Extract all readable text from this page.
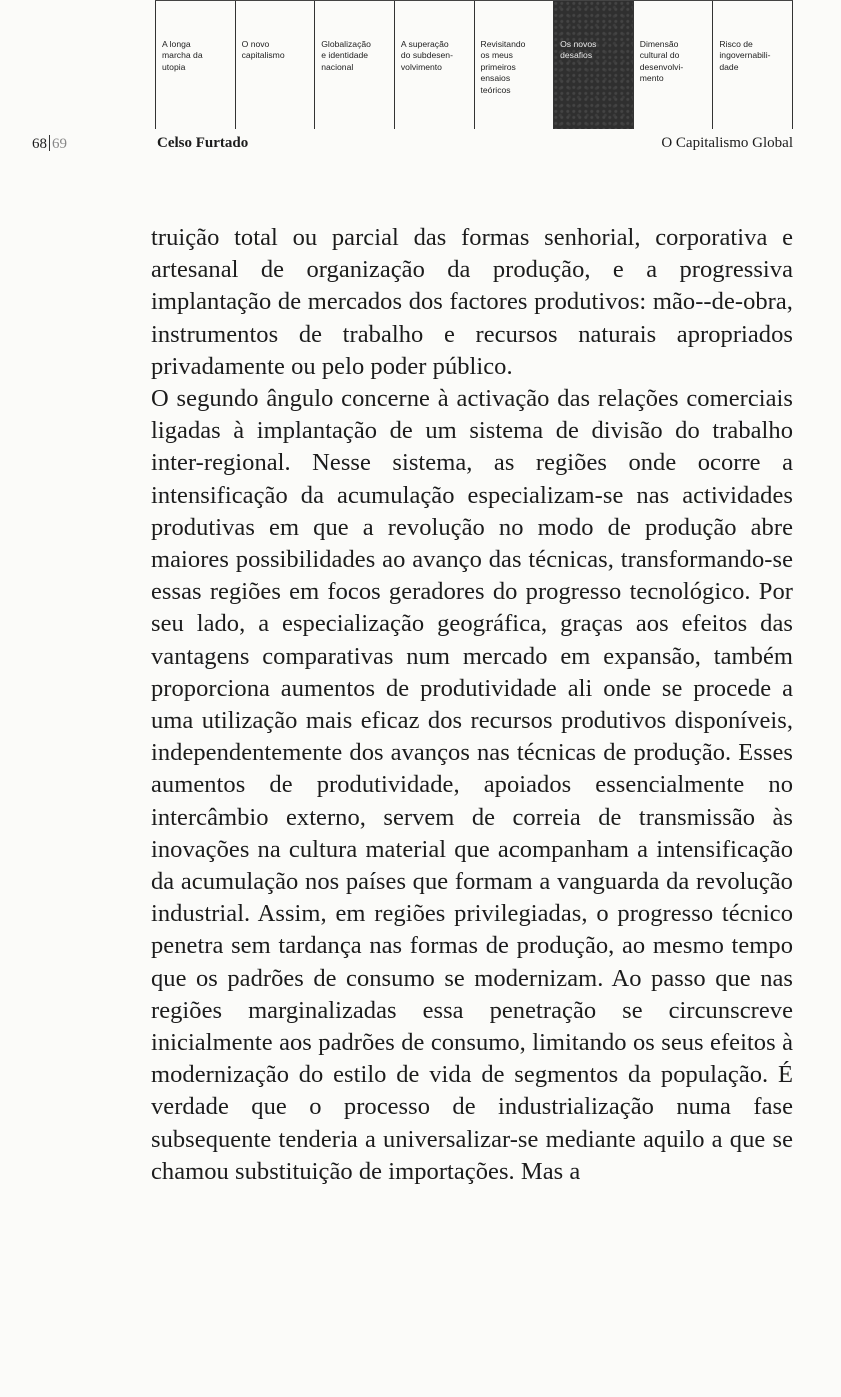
A longa
marcha da
utopia
O novo
capitalismo
Globalização
e identidade
nacional
A superação
do subdesen-
volvimento
Revisitando
os meus
primeiros
ensaios
teóricos
Os novos
desafios
Dimensão
cultural do
desenvolvi-
mento
Risco de
ingovernabili-
dade
68 69	Celso Furtado	O Capitalismo Global

truição total ou parcial das formas senhorial, corporativa e artesanal de organização da produção, e a progressiva implantação de mercados dos factores produtivos: mão--de-obra, instrumentos de trabalho e recursos naturais apropriados privadamente ou pelo poder público.

O segundo ângulo concerne à activação das relações comerciais ligadas à implantação de um sistema de divisão do trabalho inter-regional. Nesse sistema, as regiões onde ocorre a intensificação da acumulação especializam-se nas actividades produtivas em que a revolução no modo de produção abre maiores possibilidades ao avanço das técnicas, transformando-se essas regiões em focos geradores do progresso tecnológico. Por seu lado, a especialização geográfica, graças aos efeitos das vantagens comparativas num mercado em expansão, também proporciona aumentos de produtividade ali onde se procede a uma utilização mais eficaz dos recursos produtivos disponíveis, independentemente dos avanços nas técnicas de produção. Esses aumentos de produtividade, apoiados essencialmente no intercâmbio externo, servem de correia de transmissão às inovações na cultura material que acompanham a intensificação da acumulação nos países que formam a vanguarda da revolução industrial. Assim, em regiões privilegiadas, o progresso técnico penetra sem tardança nas formas de produção, ao mesmo tempo que os padrões de consumo se modernizam. Ao passo que nas regiões marginalizadas essa penetração se circunscreve inicialmente aos padrões de consumo, limitando os seus efeitos à modernização do estilo de vida de segmentos da população. É verdade que o processo de industrialização numa fase subsequente tenderia a universalizar-se mediante aquilo a que se chamou substituição de importações. Mas a
